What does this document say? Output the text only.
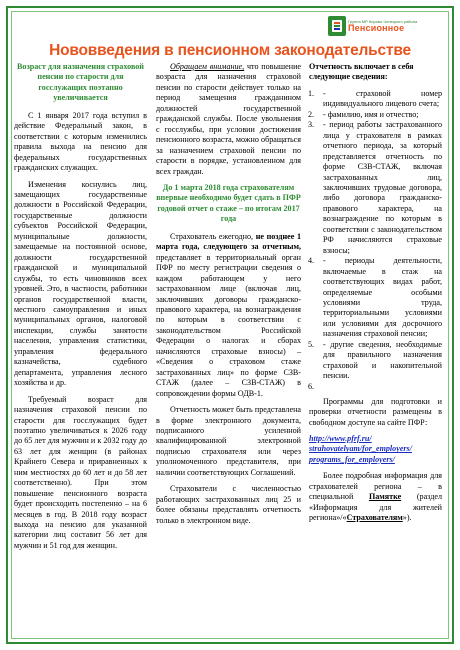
Группа МР Кирово-Чепецкого района
Пенсионное
Нововведения в пенсионном законодательстве
Возраст для назначения страховой пенсии по старости для госслужащих поэтапно увеличивается

С 1 января 2017 года вступил в действие Федеральный закон, в соответствии с которым изменились правила выхода на пенсию для федеральных государственных гражданских служащих.

Изменения коснулись лиц, замещающих государственные должности в Российской Федерации, государственные должности субъектов Российской Федерации, муниципальные должности, замещаемые на постоянной основе, должности государственной гражданской и муниципальной службы, то есть чиновников всех уровней. Это, в частности, работники органов государственной власти, местного самоуправления и иных муниципальных органов, налоговой инспекции, службы занятости населения, управления статистики, управления федерального казначейства, судебного департамента, управления лесного хозяйства и др.

Требуемый возраст для назначения страховой пенсии по старости для госслужащих будет поэтапно увеличиваться к 2026 году до 65 лет для мужчин и к 2032 году до 63 лет для женщин (в районах Крайнего Севера и приравненных к ним местностях до 60 лет и до 58 лет соответственно). При этом повышение пенсионного возраста будет происходить постепенно – на 6 месяцев в год. В 2018 году возраст выхода на пенсию для указанной категории лиц составит 56 лет для мужчин и 51 год для женщин.

Обращаем внимание, что повышение возраста для назначения страховой пенсии по старости действует только на период замещения гражданином должностей государственной гражданской службы. После увольнения с госслужбы, при условии достижения пенсионного возраста, можно обращаться за назначением страховой пенсии по старости в порядке, установленном для всех граждан.

До 1 марта 2018 года страхователям впервые необходимо будет сдать в ПФР годовой отчет о стаже – по итогам 2017 года

Страхователь ежегодно, не позднее 1 марта года, следующего за отчетным, представляет в территориальный орган ПФР по месту регистрации сведения о каждом работающем у него застрахованном лице (включая лиц, заключивших договоры гражданско-правового характера, на вознаграждения по которым в соответствии с законодательством Российской Федерации о налогах и сборах начисляются страховые взносы) – «Сведения о страховом стаже застрахованных лиц» по форме СЗВ-СТАЖ (далее – СЗВ-СТАЖ) в сопровождении формы ОДВ-1.

Отчетность может быть представлена в форме электронного документа, подписанного усиленной квалифицированной электронной подписью страхователя или через уполномоченного представителя, при наличии соответствующих Соглашений.

Страхователи с численностью работающих застрахованных лиц 25 и более обязаны представлять отчетность только в электронном виде.

Отчетность включает в себя следующие сведения:
1. - страховой номер индивидуального лицевого счета;
2. - фамилию, имя и отчество;
3. - период работы застрахованного лица у страхователя в рамках отчетного периода, за который представляется отчетность по форме СЗВ-СТАЖ, включая застрахованных лиц, заключивших трудовые договора, либо договора гражданско-правового характера, на вознаграждение по которым в соответствии с законодательством РФ начисляются страховые взносы;
4. - периоды деятельности, включаемые в стаж на соответствующих видах работ, определяемые особыми условиями труда, территориальными условиями или условиями для досрочного назначения страховой пенсии;
5. - другие сведения, необходимые для правильного назначения страховой и накопительной пенсии.
6.

Программы для подготовки и проверки отчетности размещены в свободном доступе на сайте ПФР:

http://www.pfrf.ru/
strahovatelyam/for_employers/
programs_for_employers/

Более подробная информация для страхователей региона – в специальной Памятке (раздел «Информация для жителей региона»/«Страхователям»).
